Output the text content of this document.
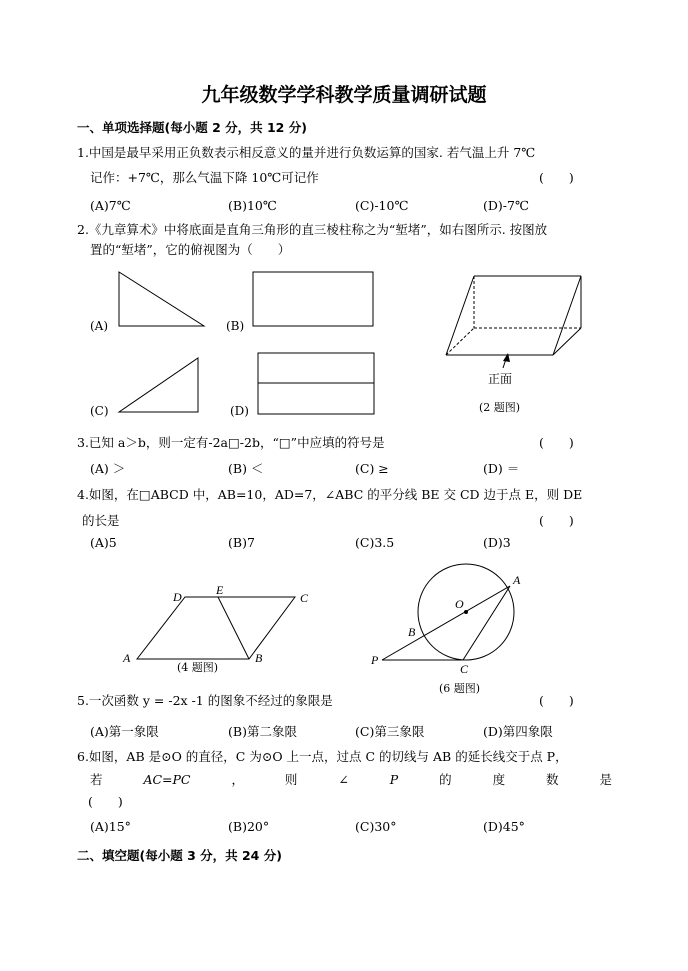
九年级数学学科教学质量调研试题
一、单项选择题(每小题 2 分，共 12 分)
1.中国是最早采用正负数表示相反意义的量并进行负数运算的国家. 若气温上升 7℃
记作：+7℃，那么气温下降 10℃可记作	(　　)
(A)7℃	(B)10℃	(C)-10℃	(D)-7℃
2.《九章算术》中将底面是直角三角形的直三棱柱称之为“堑堵”，如右图所示. 按图放
置的“堑堵”，它的俯视图为（　　）
(A)	(B)
(C)	(D)
正面
(2 题图)
3.已知 a＞b，则一定有-2a□-2b，“□”中应填的符号是	(　　)
(A) ＞	(B) ＜	(C) ≥	(D) ＝
4.如图，在□ABCD 中，AB=10，AD=7，∠ABC 的平分线 BE 交 CD 边于点 E，则 DE
的长是	(　　)
(A)5	(B)7	(C)3.5	(D)3
A	B
C
D	E
(4 题图)
A
B
C
O
P
(6 题图)
5.一次函数 y = -2x -1 的图象不经过的象限是	(　　)
(A)第一象限	(B)第二象限	(C)第三象限	(D)第四象限
6.如图，AB 是⊙O 的直径，C 为⊙O 上一点，过点 C 的切线与 AB 的延长线交于点 P，
若	AC=PC	，	则	∠	P	的	度	数	是
(　　)
(A)15°	(B)20°	(C)30°	(D)45°
二、填空题(每小题 3 分，共 24 分)
